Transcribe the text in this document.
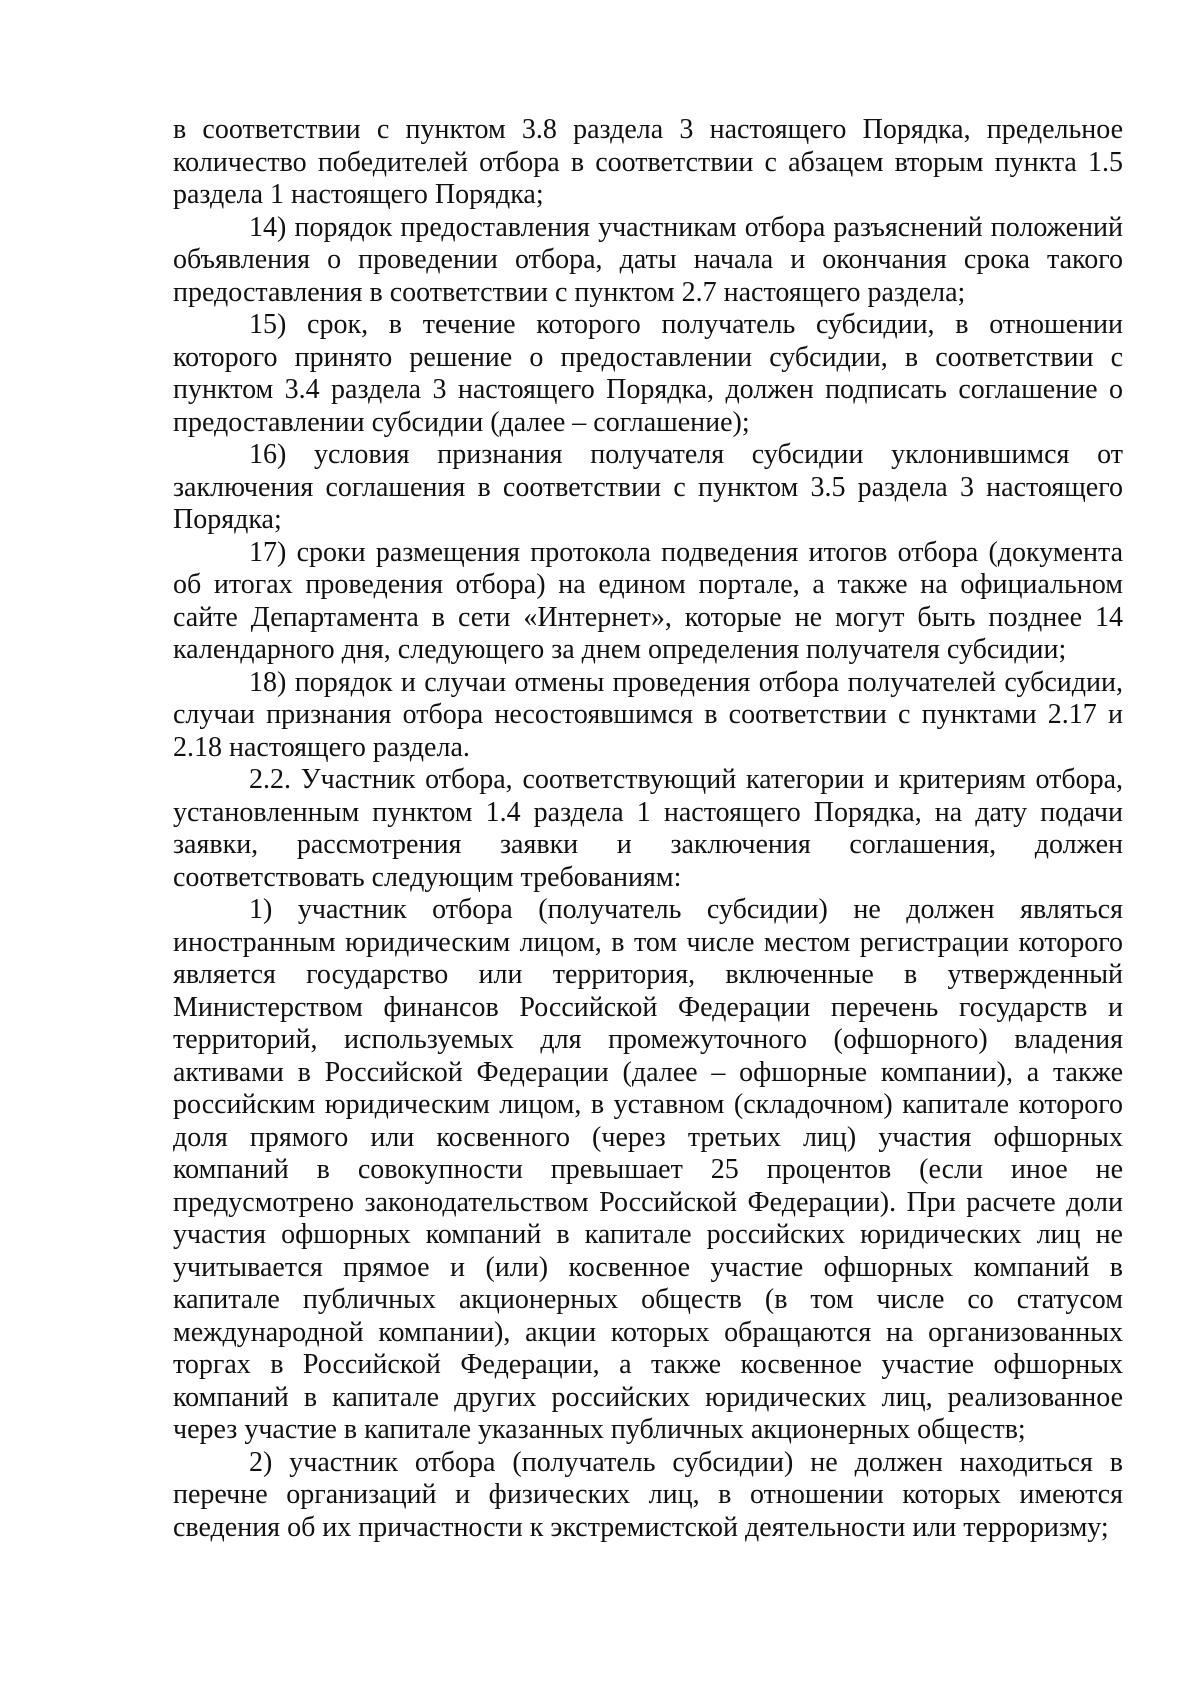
в соответствии с пунктом 3.8 раздела 3 настоящего Порядка, предельное количество победителей отбора в соответствии с абзацем вторым пункта 1.5 раздела 1 настоящего Порядка;

14) порядок предоставления участникам отбора разъяснений положений объявления о проведении отбора, даты начала и окончания срока такого предоставления в соответствии с пунктом 2.7 настоящего раздела;

15) срок, в течение которого получатель субсидии, в отношении которого принято решение о предоставлении субсидии, в соответствии с пунктом 3.4 раздела 3 настоящего Порядка, должен подписать соглашение о предоставлении субсидии (далее – соглашение);

16) условия признания получателя субсидии уклонившимся от заключения соглашения в соответствии с пунктом 3.5 раздела 3 настоящего Порядка;

17) сроки размещения протокола подведения итогов отбора (документа об итогах проведения отбора) на едином портале, а также на официальном сайте Департамента в сети «Интернет», которые не могут быть позднее 14 календарного дня, следующего за днем определения получателя субсидии;

18) порядок и случаи отмены проведения отбора получателей субсидии, случаи признания отбора несостоявшимся в соответствии с пунктами 2.17 и 2.18 настоящего раздела.

2.2. Участник отбора, соответствующий категории и критериям отбора, установленным пунктом 1.4 раздела 1 настоящего Порядка, на дату подачи заявки, рассмотрения заявки и заключения соглашения, должен соответствовать следующим требованиям:

1) участник отбора (получатель субсидии) не должен являться иностранным юридическим лицом, в том числе местом регистрации которого является государство или территория, включенные в утвержденный Министерством финансов Российской Федерации перечень государств и территорий, используемых для промежуточного (офшорного) владения активами в Российской Федерации (далее – офшорные компании), а также российским юридическим лицом, в уставном (складочном) капитале которого доля прямого или косвенного (через третьих лиц) участия офшорных компаний в совокупности превышает 25 процентов (если иное не предусмотрено законодательством Российской Федерации). При расчете доли участия офшорных компаний в капитале российских юридических лиц не учитывается прямое и (или) косвенное участие офшорных компаний в капитале публичных акционерных обществ (в том числе со статусом международной компании), акции которых обращаются на организованных торгах в Российской Федерации, а также косвенное участие офшорных компаний в капитале других российских юридических лиц, реализованное через участие в капитале указанных публичных акционерных обществ;

2) участник отбора (получатель субсидии) не должен находиться в перечне организаций и физических лиц, в отношении которых имеются сведения об их причастности к экстремистской деятельности или терроризму;
